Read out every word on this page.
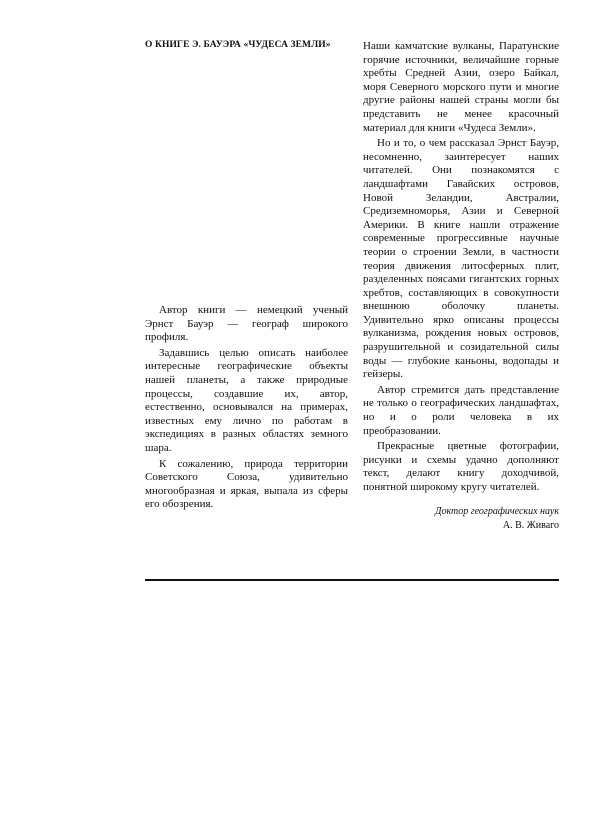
О КНИГЕ Э. БАУЭРА «ЧУДЕСА ЗЕМЛИ»

Автор книги — немецкий ученый Эрнст Бауэр — географ широкого профиля.

Задавшись целью описать наиболее интересные географические объекты нашей планеты, а также природные процессы, создавшие их, автор, естественно, основывался на примерах, известных ему лично по работам в экспедициях в разных областях земного шара.

К сожалению, природа территории Советского Союза, удивительно многообразная и яркая, выпала из сферы его обозрения.

Наши камчатские вулканы, Паратунские горячие источники, величайшие горные хребты Средней Азии, озеро Байкал, моря Северного морского пути и многие другие районы нашей страны могли бы представить не менее красочный материал для книги «Чудеса Земли».

Но и то, о чем рассказал Эрнст Бауэр, несомненно, заинтересует наших читателей. Они познакомятся с ландшафтами Гавайских островов, Новой Зеландии, Австралии, Средиземноморья, Азии и Северной Америки. В книге нашли отражение современные прогрессивные научные теории о строении Земли, в частности теория движения литосферных плит, разделенных поясами гигантских горных хребтов, составляющих в совокупности внешнюю оболочку планеты. Удивительно ярко описаны процессы вулканизма, рождения новых островов, разрушительной и созидательной силы воды — глубокие каньоны, водопады и гейзеры.

Автор стремится дать представление не только о географических ландшафтах, но и о роли человека в их преобразовании.

Прекрасные цветные фотографии, рисунки и схемы удачно дополняют текст, делают книгу доходчивой, понятной широкому кругу читателей.

Доктор географических наук
А. В. Живаго
